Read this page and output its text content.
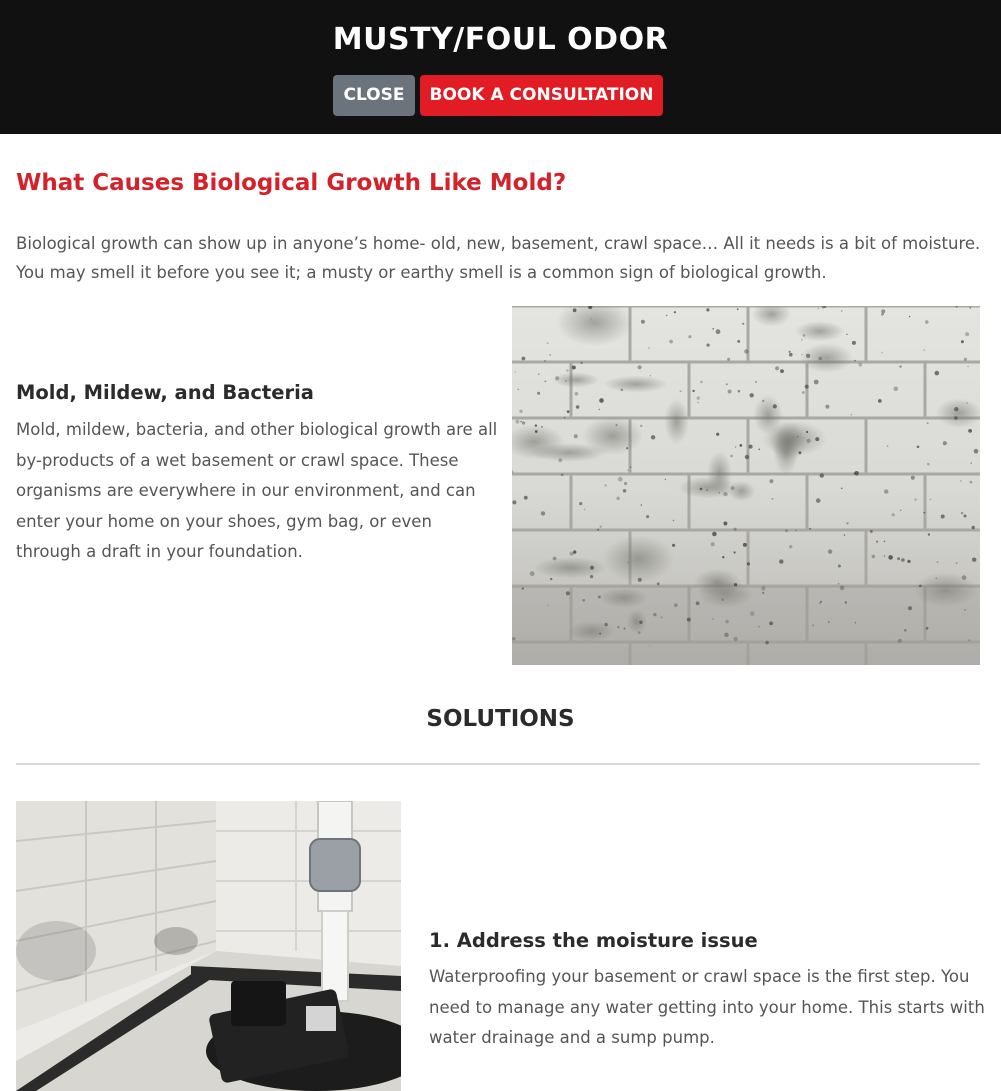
MUSTY/FOUL ODOR
CLOSE	BOOK A CONSULTATION
What Causes Biological Growth Like Mold?

Biological growth can show up in anyone’s home- old, new, basement, crawl space… All it needs is a bit of moisture. You may smell it before you see it; a musty or earthy smell is a common sign of biological growth.

Mold, Mildew, and Bacteria

Mold, mildew, bacteria, and other biological growth are all by-products of a wet basement or crawl space. These organisms are everywhere in our environment, and can enter your home on your shoes, gym bag, or even through a draft in your foundation.

SOLUTIONS
1. Address the moisture issue

Waterproofing your basement or crawl space is the first step. You need to manage any water getting into your home. This starts with water drainage and a sump pump.
